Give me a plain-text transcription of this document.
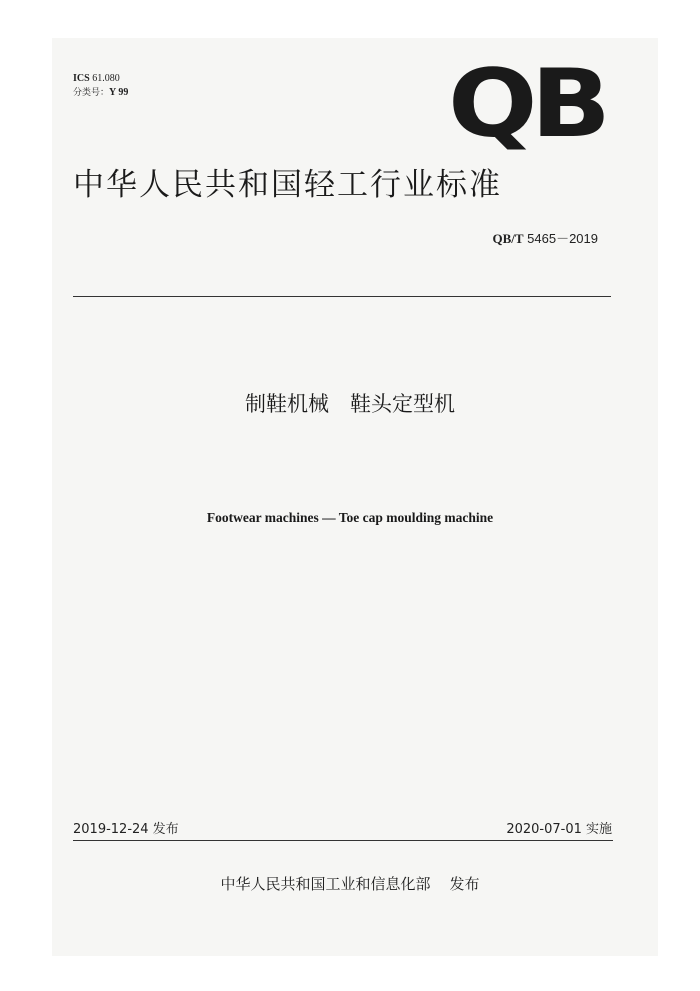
ICS 61.080
分类号：Y 99	QB
中华人民共和国轻工行业标准
QB/T 5465－2019
制鞋机械　鞋头定型机
Footwear machines — Toe cap moulding machine
2019-12-24 发布	2020-07-01 实施
中华人民共和国工业和信息化部 发布
